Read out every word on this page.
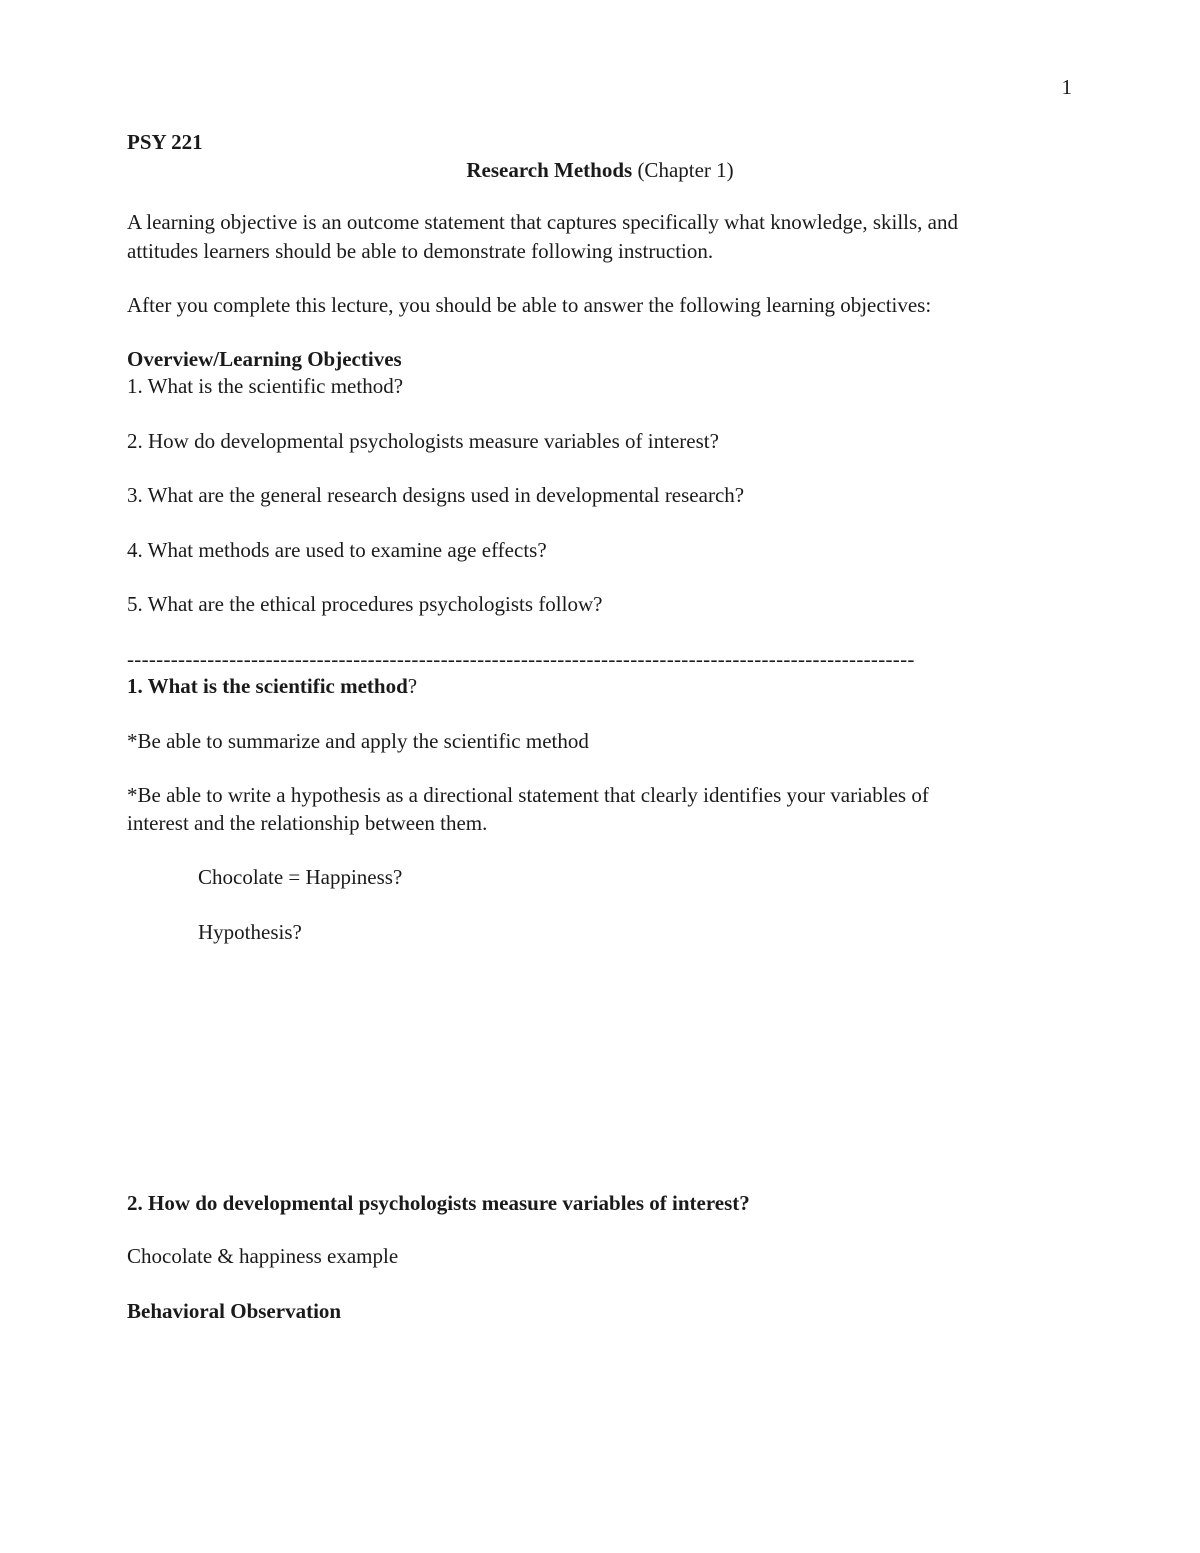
1
PSY 221
Research Methods (Chapter 1)
A learning objective is an outcome statement that captures specifically what knowledge, skills, and
attitudes learners should be able to demonstrate following instruction.
After you complete this lecture, you should be able to answer the following learning objectives:
Overview/Learning Objectives
1. What is the scientific method?
2. How do developmental psychologists measure variables of interest?
3. What are the general research designs used in developmental research?
4. What methods are used to examine age effects?
5. What are the ethical procedures psychologists follow?
------------------------------------------------------------------------------------------------------------
1. What is the scientific method?
*Be able to summarize and apply the scientific method
*Be able to write a hypothesis as a directional statement that clearly identifies your variables of
interest and the relationship between them.
Chocolate = Happiness?
Hypothesis?
2. How do developmental psychologists measure variables of interest?
Chocolate & happiness example
Behavioral Observation
